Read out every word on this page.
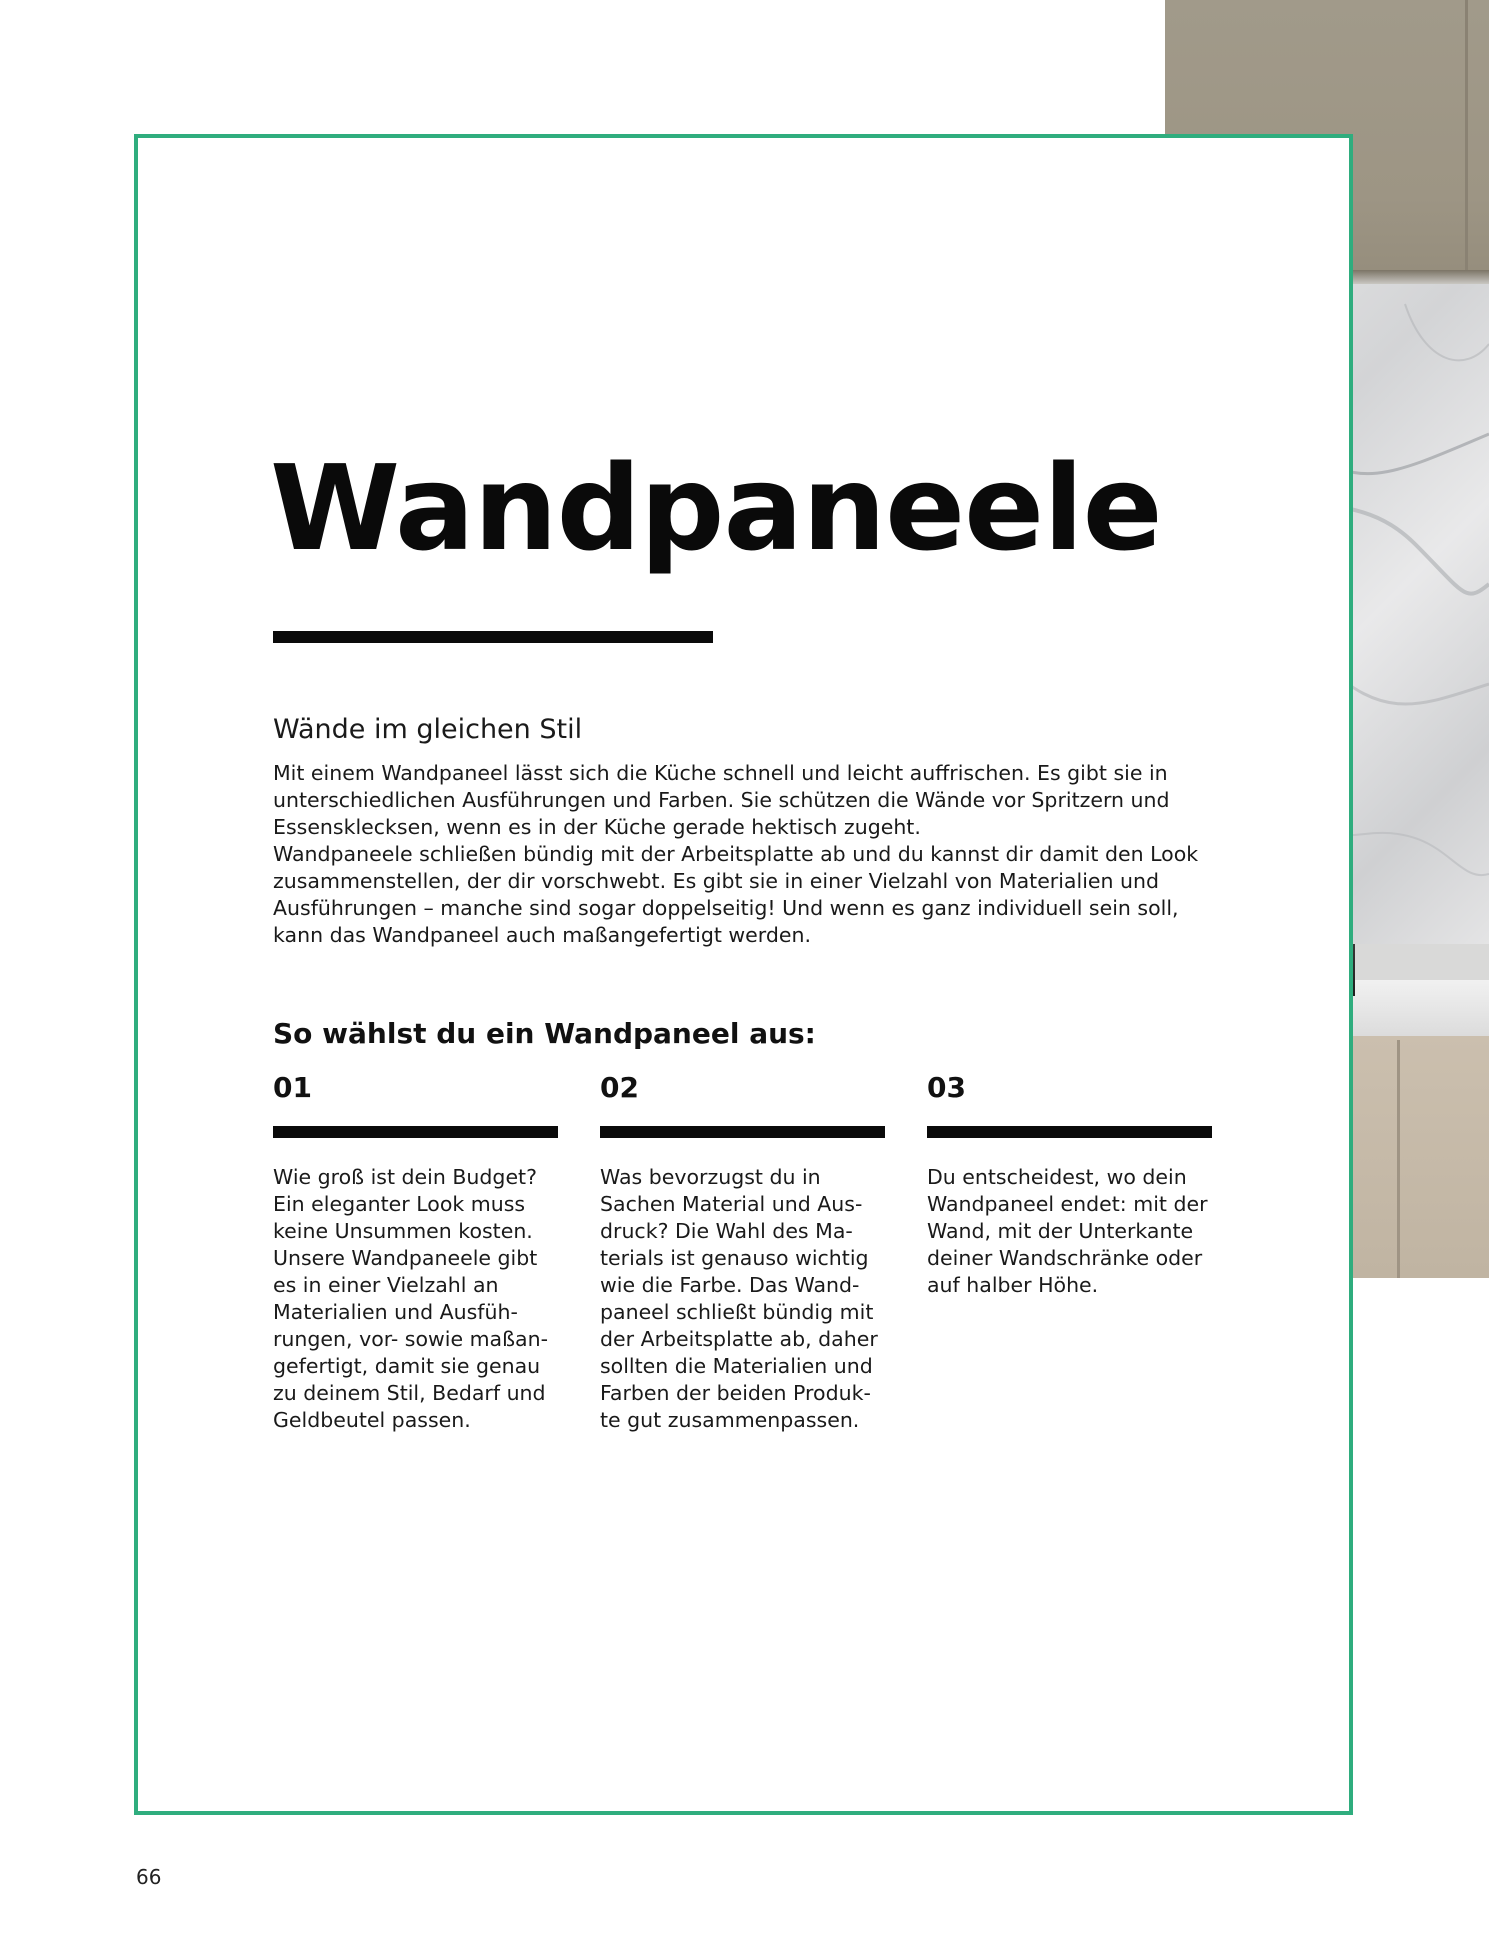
Wandpaneele
Wände im gleichen Stil

Mit einem Wandpaneel lässt sich die Küche schnell und leicht auffrischen. Es gibt sie in unterschiedlichen Ausführungen und Farben. Sie schützen die Wände vor Spritzern und Essensklecksen, wenn es in der Küche gerade hektisch zugeht.

Wandpaneele schließen bündig mit der Arbeitsplatte ab und du kannst dir damit den Look zusammenstellen, der dir vorschwebt. Es gibt sie in einer Vielzahl von Materialien und Ausführungen – manche sind sogar doppelseitig! Und wenn es ganz individuell sein soll, kann das Wandpaneel auch maßangefertigt werden.

So wählst du ein Wandpaneel aus:
01
Wie groß ist dein Budget?
Ein eleganter Look muss
keine Unsummen kosten.
Unsere Wandpaneele gibt
es in einer Vielzahl an
Materialien und Ausfüh-
rungen, vor- sowie maßan-
gefertigt, damit sie genau
zu deinem Stil, Bedarf und
Geldbeutel passen.
02
Was bevorzugst du in
Sachen Material und Aus-
druck? Die Wahl des Ma-
terials ist genauso wichtig
wie die Farbe. Das Wand-
paneel schließt bündig mit
der Arbeitsplatte ab, daher
sollten die Materialien und
Farben der beiden Produk-
te gut zusammenpassen.
03
Du entscheidest, wo dein
Wandpaneel endet: mit der
Wand, mit der Unterkante
deiner Wandschränke oder
auf halber Höhe.
66
